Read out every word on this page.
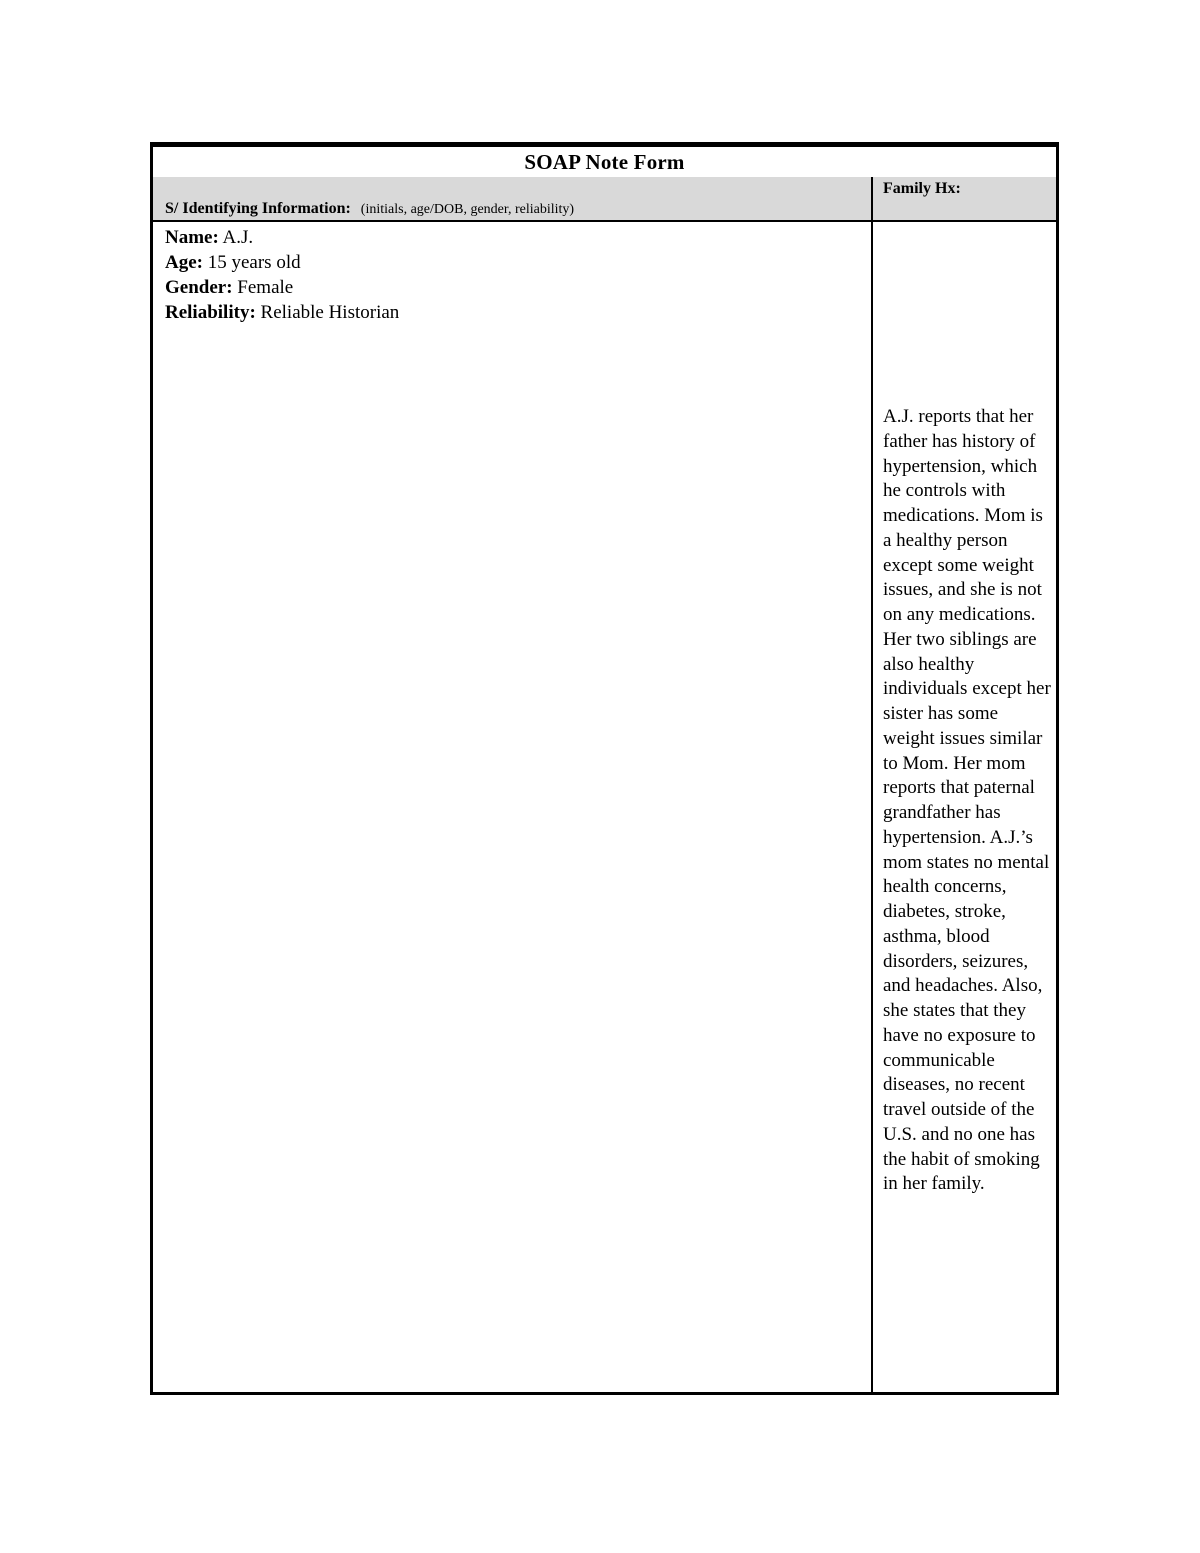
SOAP Note Form
S/ Identifying Information: (initials, age/DOB, gender, reliability)
Family Hx:
Name: A.J.
Age: 15 years old
Gender: Female
Reliability: Reliable Historian
A.J. reports that her father has history of hypertension, which he controls with medications. Mom is a healthy person except some weight issues, and she is not on any medications. Her two siblings are also healthy individuals except her sister has some weight issues similar to Mom. Her mom reports that paternal grandfather has hypertension. A.J.’s mom states no mental health concerns, diabetes, stroke, asthma, blood disorders, seizures, and headaches. Also, she states that they have no exposure to communicable diseases, no recent travel outside of the U.S. and no one has the habit of smoking in her family.
